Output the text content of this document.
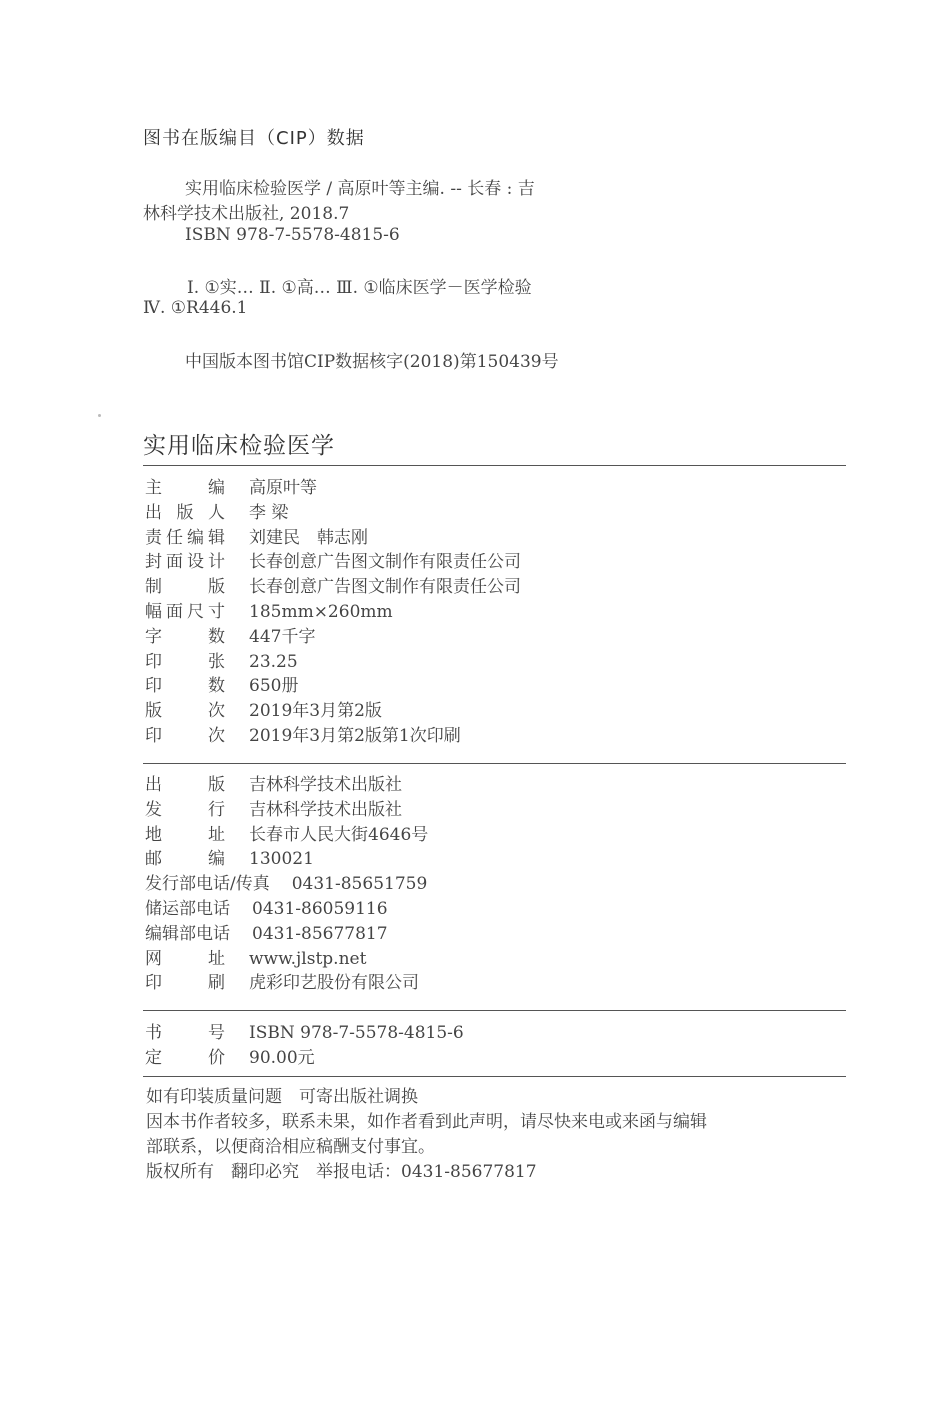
图书在版编目（CIP）数据
实用临床检验医学 / 高原叶等主编. -- 长春 : 吉
林科学技术出版社, 2018.7
ISBN 978-7-5578-4815-6
Ⅰ. ①实… Ⅱ. ①高… Ⅲ. ①临床医学－医学检验
Ⅳ. ①R446.1
中国版本图书馆CIP数据核字(2018)第150439号
实用临床检验医学
主	编 高原叶等
出 版 人 李 梁
责 任 编 辑 刘建民　韩志刚
封 面 设 计 长春创意广告图文制作有限责任公司
制	版 长春创意广告图文制作有限责任公司
幅 面 尺 寸 185mm×260mm
字	数 447千字
印	张 23.25
印	数 650册
版	次 2019年3月第2版
印	次 2019年3月第2版第1次印刷
出	版 吉林科学技术出版社
发	行 吉林科学技术出版社
地	址 长春市人民大街4646号
邮	编 130021
发行部电话/传真 0431-85651759
储运部电话 0431-86059116
编辑部电话 0431-85677817
网	址 www.jlstp.net
印	刷 虎彩印艺股份有限公司
书	号 ISBN 978-7-5578-4815-6
定	价 90.00元
如有印装质量问题　可寄出版社调换
因本书作者较多，联系未果，如作者看到此声明，请尽快来电或来函与编辑
部联系，以便商洽相应稿酬支付事宜。
版权所有　翻印必究　举报电话：0431-85677817
